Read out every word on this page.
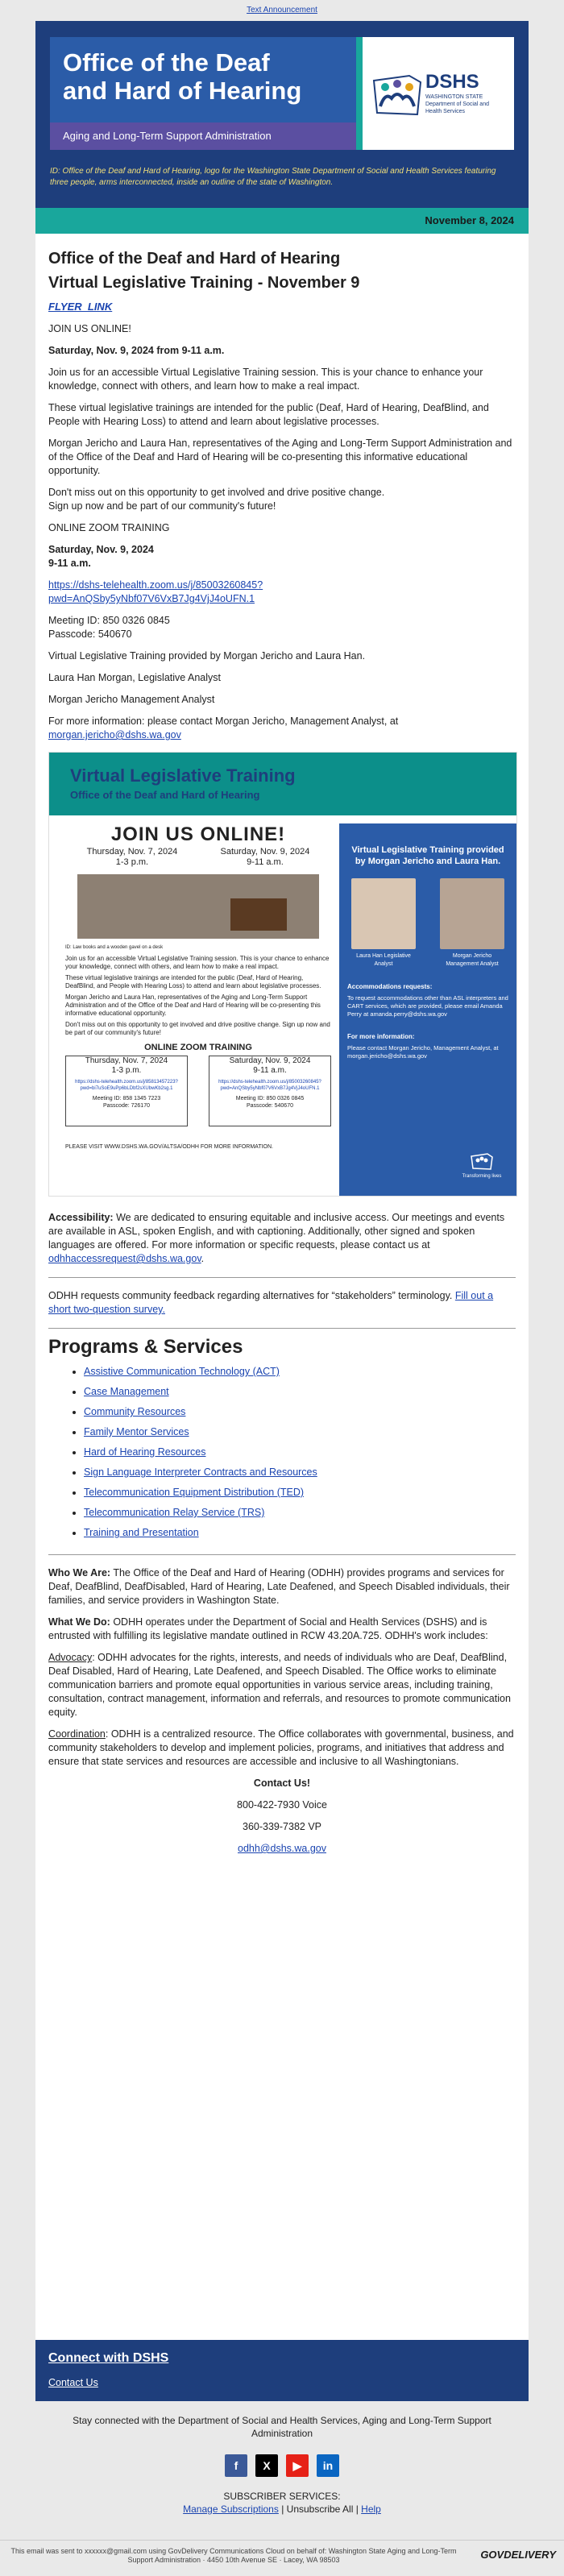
Text Announcement
Office of the Deaf
and Hard of Hearing
Aging and Long-Term Support Administration
DSHS
WASHINGTON STATE Department of Social and Health Services
ID: Office of the Deaf and Hard of Hearing, logo for the Washington State Department of Social and Health Services featuring three people, arms interconnected, inside an outline of the state of Washington.
November 8, 2024
Office of the Deaf and Hard of Hearing
Virtual Legislative Training - November 9

FLYER_LINK

JOIN US ONLINE!

Saturday, Nov. 9, 2024 from 9-11 a.m.

Join us for an accessible Virtual Legislative Training session. This is your chance to enhance your knowledge, connect with others, and learn how to make a real impact.

These virtual legislative trainings are intended for the public (Deaf, Hard of Hearing, DeafBlind, and People with Hearing Loss) to attend and learn about legislative processes.

Morgan Jericho and Laura Han, representatives of the Aging and Long-Term Support Administration and of the Office of the Deaf and Hard of Hearing will be co-presenting this informative educational opportunity.

Don't miss out on this opportunity to get involved and drive positive change.
Sign up now and be part of our community's future!

ONLINE ZOOM TRAINING

Saturday, Nov. 9, 2024
9-11 a.m.

https://dshs-telehealth.zoom.us/j/85003260845?
pwd=AnQSby5yNbf07V6VxB7Jg4VjJ4oUFN.1

Meeting ID: 850 0326 0845
Passcode: 540670

Virtual Legislative Training provided by Morgan Jericho and Laura Han.

Laura Han Morgan, Legislative Analyst

Morgan Jericho Management Analyst

For more information: please contact Morgan Jericho, Management Analyst, at
morgan.jericho@dshs.wa.gov

Virtual Legislative Training
Office of the Deaf and Hard of Hearing
JOIN US ONLINE!
Thursday, Nov. 7, 2024
1-3 p.m.
Saturday, Nov. 9, 2024
9-11 a.m.
ID: Law books and a wooden gavel on a desk
Join us for an accessible Virtual Legislative Training session. This is your chance to enhance your knowledge, connect with others, and learn how to make a real impact.
These virtual legislative trainings are intended for the public (Deaf, Hard of Hearing, DeafBlind, and People with Hearing Loss) to attend and learn about legislative processes.
Morgan Jericho and Laura Han, representatives of the Aging and Long-Term Support Administration and of the Office of the Deaf and Hard of Hearing will be co-presenting this informative educational opportunity.
Don't miss out on this opportunity to get involved and drive positive change. Sign up now and be part of our community's future!
ONLINE ZOOM TRAINING
Thursday, Nov. 7, 2024
1-3 p.m.
https://dshs-telehealth.zoom.us/j/85813457223?pwd=bi7uSoE9uPp6bLDbf2sXUbwKb2sg.1
Meeting ID: 858 1345 7223
Passcode: 726170
Saturday, Nov. 9, 2024
9-11 a.m.
https://dshs-telehealth.zoom.us/j/85003260845?pwd=AnQSby5yNbf07V6VxB7Jg4VjJ4oUFN.1
Meeting ID: 850 0326 0845
Passcode: 540670
PLEASE VISIT WWW.DSHS.WA.GOV/ALTSA/ODHH FOR MORE INFORMATION.
Virtual Legislative Training provided by Morgan Jericho and Laura Han.
Laura Han Legislative Analyst
Morgan Jericho Management Analyst
Accommodations requests:
To request accommodations other than ASL interpreters and CART services, which are provided, please email Amanda Perry at amanda.perry@dshs.wa.gov
For more information:
Please contact Morgan Jericho, Management Analyst, at morgan.jericho@dshs.wa.gov
Transforming lives

Accessibility: We are dedicated to ensuring equitable and inclusive access. Our meetings and events are available in ASL, spoken English, and with captioning. Additionally, other signed and spoken languages are offered. For more information or specific requests, please contact us at odhhaccessrequest@dshs.wa.gov.

ODHH requests community feedback regarding alternatives for “stakeholders” terminology. Fill out a short two-question survey.

Programs & Services
• Assistive Communication Technology (ACT)
• Case Management
• Community Resources
• Family Mentor Services
• Hard of Hearing Resources
• Sign Language Interpreter Contracts and Resources
• Telecommunication Equipment Distribution (TED)
• Telecommunication Relay Service (TRS)
• Training and Presentation

Who We Are: The Office of the Deaf and Hard of Hearing (ODHH) provides programs and services for Deaf, DeafBlind, DeafDisabled, Hard of Hearing, Late Deafened, and Speech Disabled individuals, their families, and service providers in Washington State.

What We Do: ODHH operates under the Department of Social and Health Services (DSHS) and is entrusted with fulfilling its legislative mandate outlined in RCW 43.20A.725. ODHH's work includes:

Advocacy: ODHH advocates for the rights, interests, and needs of individuals who are Deaf, DeafBlind, Deaf Disabled, Hard of Hearing, Late Deafened, and Speech Disabled. The Office works to eliminate communication barriers and promote equal opportunities in various service areas, including training, consultation, contract management, information and referrals, and resources to promote communication equity.

Coordination: ODHH is a centralized resource. The Office collaborates with governmental, business, and community stakeholders to develop and implement policies, programs, and initiatives that address and ensure that state services and resources are accessible and inclusive to all Washingtonians.

Contact Us!

800-422-7930 Voice

360-339-7382 VP

odhh@dshs.wa.gov

Connect with DSHS
Contact Us
Stay connected with the Department of Social and Health Services, Aging and Long-Term Support Administration
f	X	▶	in
SUBSCRIBER SERVICES:
Manage Subscriptions | Unsubscribe All | Help
This email was sent to xxxxxx@gmail.com using GovDelivery Communications Cloud on behalf of: Washington State Aging and Long-Term Support Administration · 4450 10th Avenue SE · Lacey, WA 98503	GOVDELIVERY
